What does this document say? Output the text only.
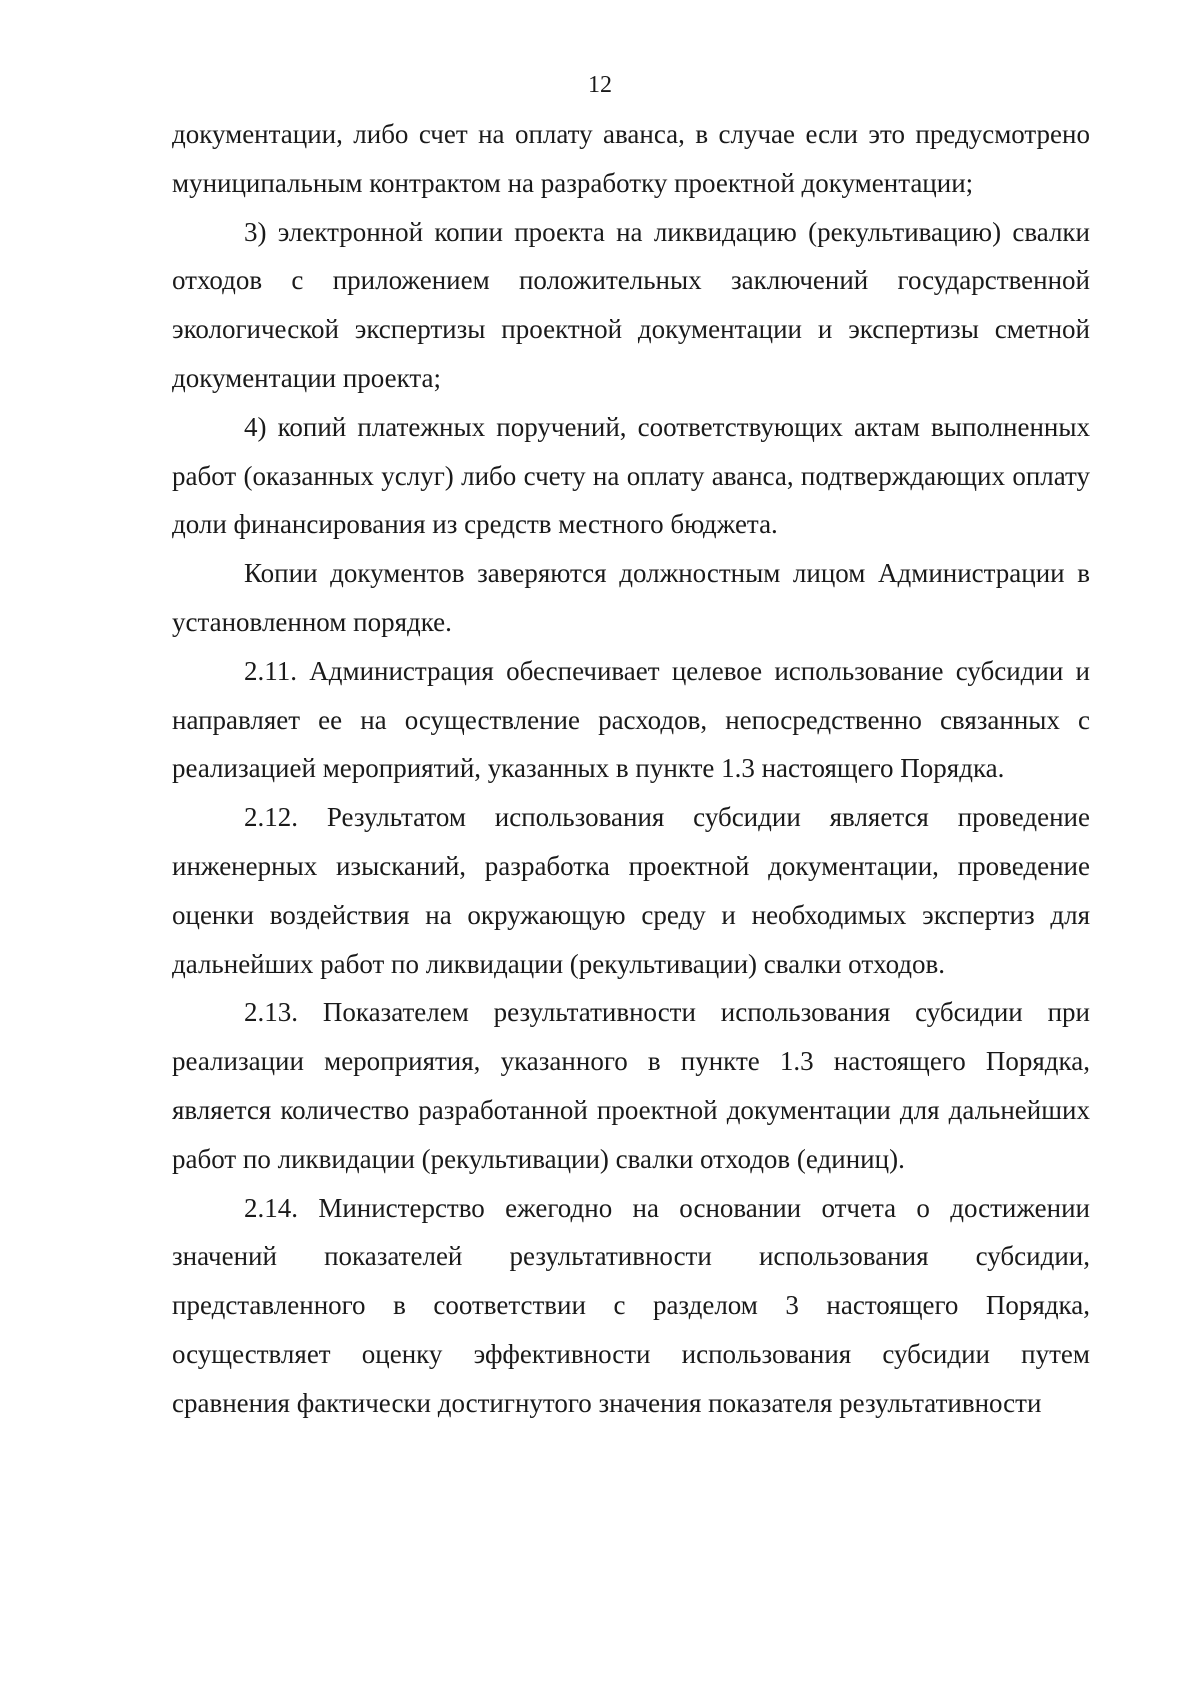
12

документации, либо счет на оплату аванса, в случае если это предусмотрено муниципальным контрактом на разработку проектной документации;

3) электронной копии проекта на ликвидацию (рекультивацию) свалки отходов с приложением положительных заключений государственной экологической экспертизы проектной документации и экспертизы сметной документации проекта;

4) копий платежных поручений, соответствующих актам выполненных работ (оказанных услуг) либо счету на оплату аванса, подтверждающих оплату доли финансирования из средств местного бюджета.

Копии документов заверяются должностным лицом Администрации в установленном порядке.

2.11. Администрация обеспечивает целевое использование субсидии и направляет ее на осуществление расходов, непосредственно связанных с реализацией мероприятий, указанных в пункте 1.3 настоящего Порядка.

2.12. Результатом использования субсидии является проведение инженерных изысканий, разработка проектной документации, проведение оценки воздействия на окружающую среду и необходимых экспертиз для дальнейших работ по ликвидации (рекультивации) свалки отходов.

2.13. Показателем результативности использования субсидии при реализации мероприятия, указанного в пункте 1.3 настоящего Порядка, является количество разработанной проектной документации для дальнейших работ по ликвидации (рекультивации) свалки отходов (единиц).

2.14. Министерство ежегодно на основании отчета о достижении значений показателей результативности использования субсидии, представленного в соответствии с разделом 3 настоящего Порядка, осуществляет оценку эффективности использования субсидии путем сравнения фактически достигнутого значения показателя результативности
